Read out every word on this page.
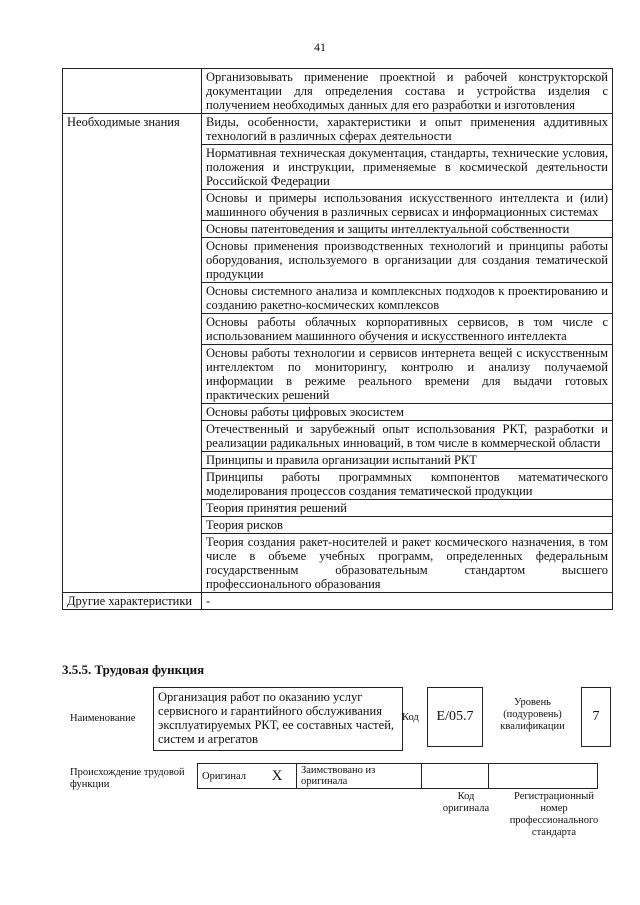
41
	Организовывать применение проектной и рабочей конструкторской документации для определения состава и устройства изделия с получением необходимых данных для его разработки и изготовления
Необходимые знания	Виды, особенности, характеристики и опыт применения аддитивных технологий в различных сферах деятельности
	Нормативная техническая документация, стандарты, технические условия, положения и инструкции, применяемые в космической деятельности Российской Федерации
	Основы и примеры использования искусственного интеллекта и (или) машинного обучения в различных сервисах и информационных системах
	Основы патентоведения и защиты интеллектуальной собственности
	Основы применения производственных технологий и принципы работы оборудования, используемого в организации для создания тематической продукции
	Основы системного анализа и комплексных подходов к проектированию и созданию ракетно-космических комплексов
	Основы работы облачных корпоративных сервисов, в том числе с использованием машинного обучения и искусственного интеллекта
	Основы работы технологии и сервисов интернета вещей с искусственным интеллектом по мониторингу, контролю и анализу получаемой информации в режиме реального времени для выдачи готовых практических решений
	Основы работы цифровых экосистем
	Отечественный и зарубежный опыт использования РКТ, разработки и реализации радикальных инноваций, в том числе в коммерческой области
	Принципы и правила организации испытаний РКТ
	Принципы работы программных компонентов математического моделирования процессов создания тематической продукции
	Теория принятия решений
	Теория рисков
	Теория создания ракет-носителей и ракет космического назначения, в том числе в объеме учебных программ, определенных федеральным государственным образовательным стандартом высшего профессионального образования
Другие характеристики	-
3.5.5. Трудовая функция
Наименование
Организация работ по оказанию услуг сервисного и гарантийного обслуживания эксплуатируемых РКТ, ее составных частей, систем и агрегатов
Код	E/05.7
Уровень (подуровень) квалификации
7
Происхождение трудовой функции
Оригинал	X	Заимствовано из оригинала		
Код оригинала
Регистрационный номер профессионального стандарта
